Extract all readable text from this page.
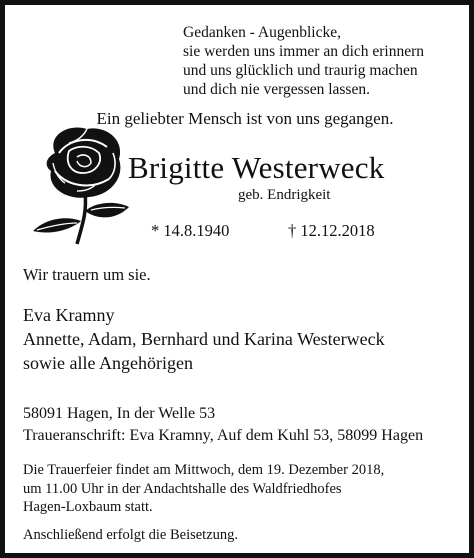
Gedanken - Augenblicke,
sie werden uns immer an dich erinnern
und uns glücklich und traurig machen
und dich nie vergessen lassen.
Ein geliebter Mensch ist von uns gegangen.
Brigitte Westerweck
geb. Endrigkeit
* 14.8.1940	† 12.12.2018
Wir trauern um sie.
Eva Kramny
Annette, Adam, Bernhard und Karina Westerweck
sowie alle Angehörigen
58091 Hagen, In der Welle 53
Traueranschrift: Eva Kramny, Auf dem Kuhl 53, 58099 Hagen
Die Trauerfeier findet am Mittwoch, dem 19. Dezember 2018,
um 11.00 Uhr in der Andachtshalle des Waldfriedhofes
Hagen-Loxbaum statt.
Anschließend erfolgt die Beisetzung.
